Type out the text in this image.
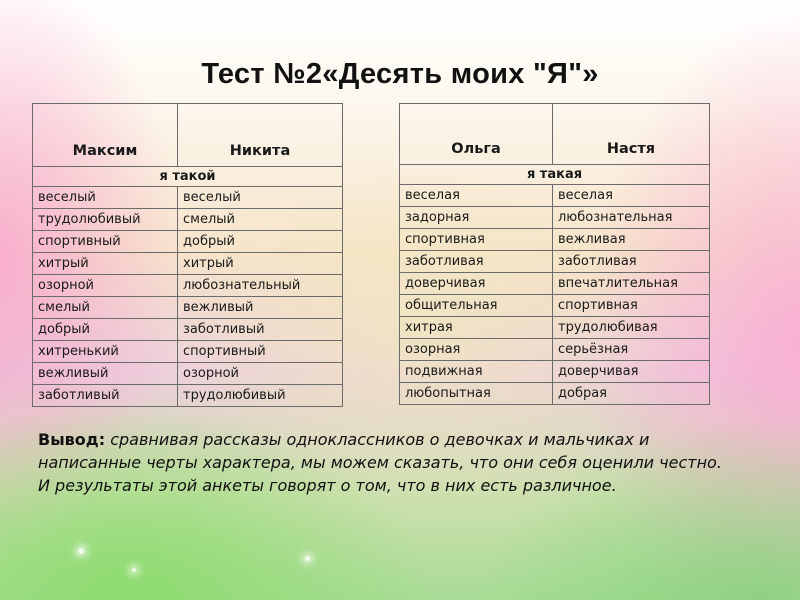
Тест №2«Десять моих "Я"»
Максим	Никита
я такой	
веселый	веселый
трудолюбивый	смелый
спортивный	добрый
хитрый	хитрый
озорной	любознательный
смелый	вежливый
добрый	заботливый
хитренький	спортивный
вежливый	озорной
заботливый	трудолюбивый
Ольга	Настя
я такая	
веселая	веселая
задорная	любознательная
спортивная	вежливая
заботливая	заботливая
доверчивая	впечатлительная
общительная	спортивная
хитрая	трудолюбивая
озорная	серьёзная
подвижная	доверчивая
любопытная	добрая
Вывод: сравнивая рассказы одноклассников о девочках и мальчиках и написанные черты характера, мы можем сказать, что они себя оценили честно. И результаты этой анкеты говорят о том, что в них есть различное.
